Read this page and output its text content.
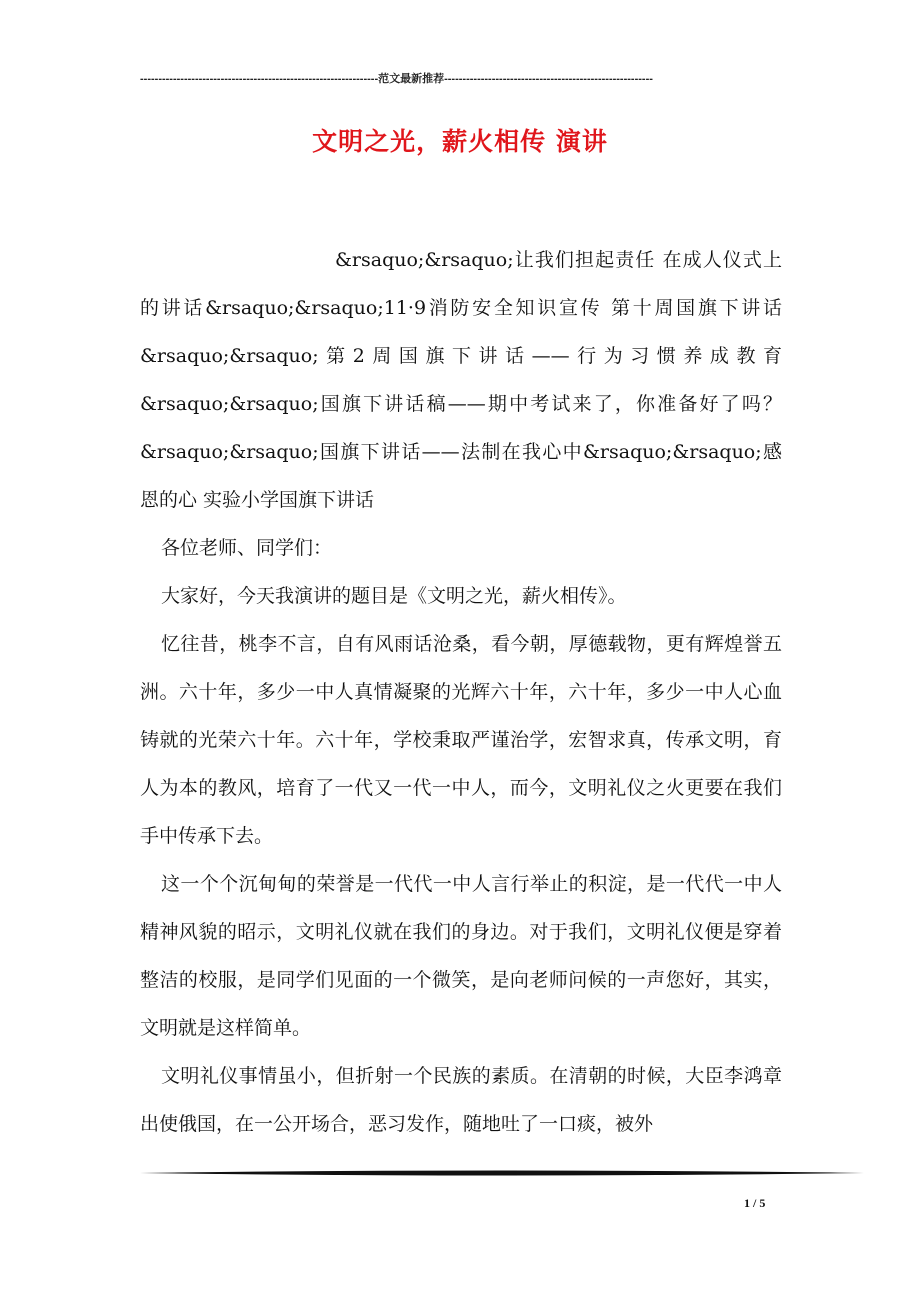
-----------------------------------------------------------------范文最新推荐---------------------------------------------------------
文明之光，薪火相传 演讲

&rsaquo;&rsaquo;让我们担起责任 在成人仪式上的讲话&rsaquo;&rsaquo;11·9消防安全知识宣传 第十周国旗下讲话&rsaquo;&rsaquo;第2周国旗下讲话——行为习惯养成教育&rsaquo;&rsaquo;国旗下讲话稿——期中考试来了，你准备好了吗？&rsaquo;&rsaquo;国旗下讲话——法制在我心中&rsaquo;&rsaquo;感恩的心 实验小学国旗下讲话

各位老师、同学们：

大家好，今天我演讲的题目是《文明之光，薪火相传》。

忆往昔，桃李不言，自有风雨话沧桑，看今朝，厚德载物，更有辉煌誉五洲。六十年，多少一中人真情凝聚的光辉六十年，六十年，多少一中人心血铸就的光荣六十年。六十年，学校秉取严谨治学，宏智求真，传承文明，育人为本的教风，培育了一代又一代一中人，而今，文明礼仪之火更要在我们手中传承下去。

这一个个沉甸甸的荣誉是一代代一中人言行举止的积淀，是一代代一中人精神风貌的昭示，文明礼仪就在我们的身边。对于我们，文明礼仪便是穿着整洁的校服，是同学们见面的一个微笑，是向老师问候的一声您好，其实，文明就是这样简单。

文明礼仪事情虽小，但折射一个民族的素质。在清朝的时候，大臣李鸿章出使俄国，在一公开场合，恶习发作，随地吐了一口痰，被外

1 / 5
